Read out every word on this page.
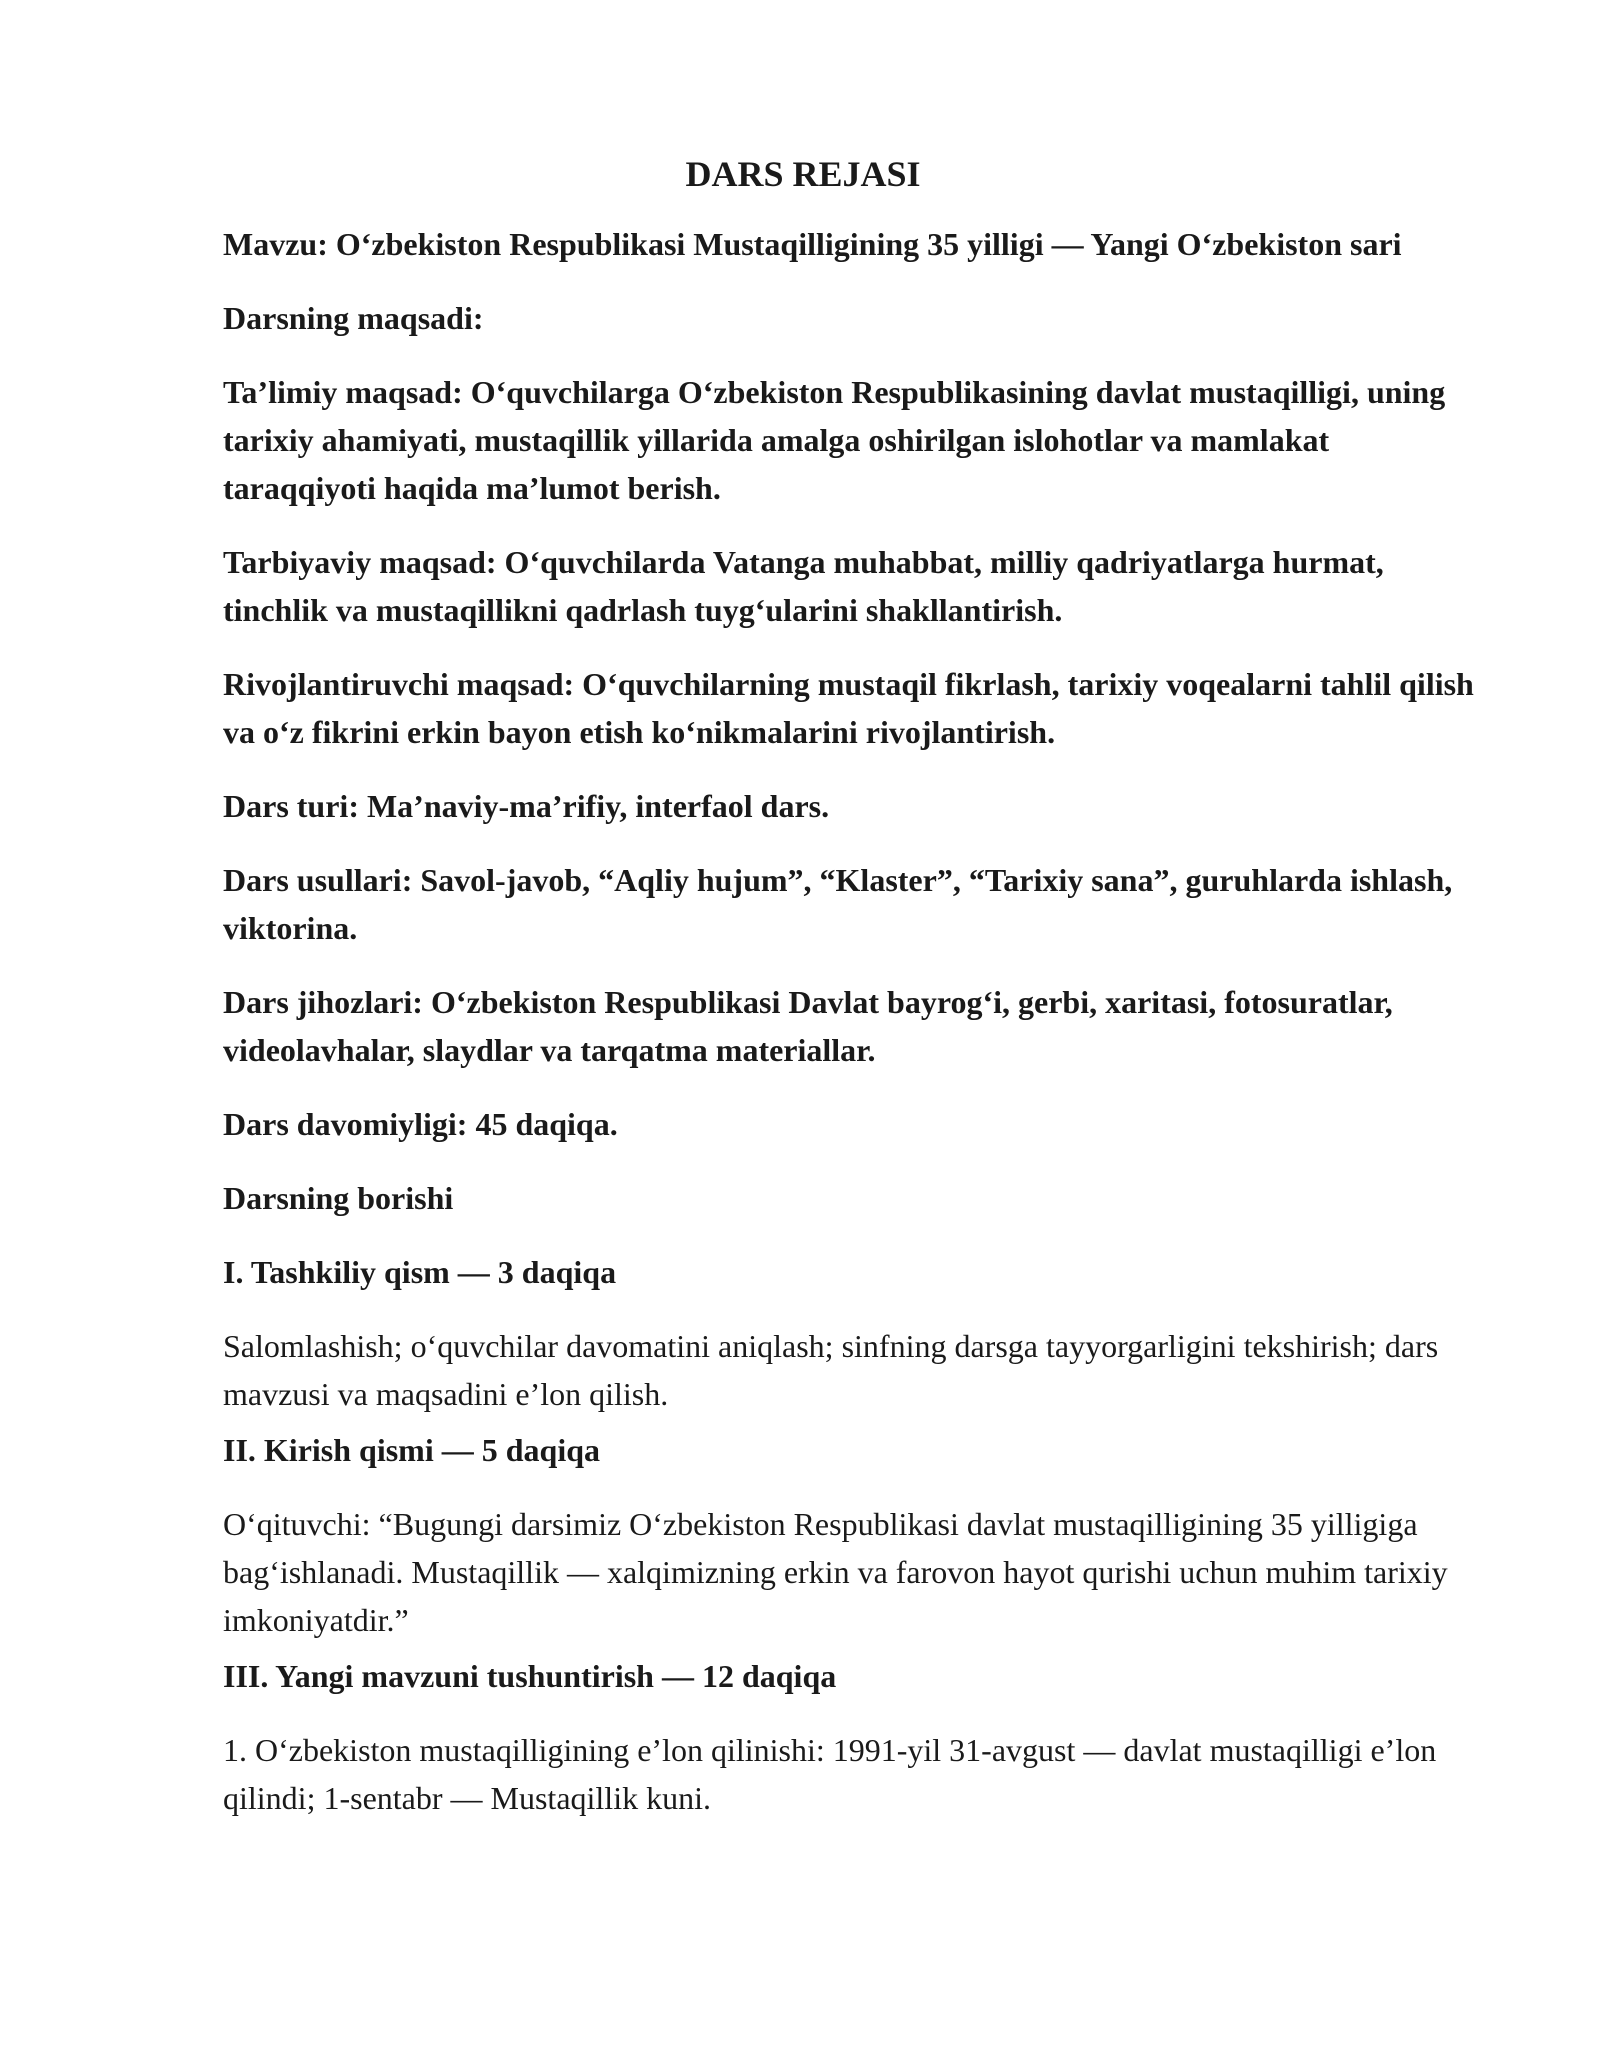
DARS REJASI

Mavzu: O‘zbekiston Respublikasi Mustaqilligining 35 yilligi — Yangi O‘zbekiston sari

Darsning maqsadi:

Ta’limiy maqsad: O‘quvchilarga O‘zbekiston Respublikasining davlat mustaqilligi, uning tarixiy ahamiyati, mustaqillik yillarida amalga oshirilgan islohotlar va mamlakat taraqqiyoti haqida ma’lumot berish.

Tarbiyaviy maqsad: O‘quvchilarda Vatanga muhabbat, milliy qadriyatlarga hurmat, tinchlik va mustaqillikni qadrlash tuyg‘ularini shakllantirish.

Rivojlantiruvchi maqsad: O‘quvchilarning mustaqil fikrlash, tarixiy voqealarni tahlil qilish va o‘z fikrini erkin bayon etish ko‘nikmalarini rivojlantirish.

Dars turi: Ma’naviy-ma’rifiy, interfaol dars.

Dars usullari: Savol-javob, “Aqliy hujum”, “Klaster”, “Tarixiy sana”, guruhlarda ishlash, viktorina.

Dars jihozlari: O‘zbekiston Respublikasi Davlat bayrog‘i, gerbi, xaritasi, fotosuratlar, videolavhalar, slaydlar va tarqatma materiallar.

Dars davomiyligi: 45 daqiqa.

Darsning borishi

I. Tashkiliy qism — 3 daqiqa

Salomlashish; o‘quvchilar davomatini aniqlash; sinfning darsga tayyorgarligini tekshirish; dars mavzusi va maqsadini e’lon qilish.

II. Kirish qismi — 5 daqiqa

O‘qituvchi: “Bugungi darsimiz O‘zbekiston Respublikasi davlat mustaqilligining 35 yilligiga bag‘ishlanadi. Mustaqillik — xalqimizning erkin va farovon hayot qurishi uchun muhim tarixiy imkoniyatdir.”

III. Yangi mavzuni tushuntirish — 12 daqiqa

1. O‘zbekiston mustaqilligining e’lon qilinishi: 1991-yil 31-avgust — davlat mustaqilligi e’lon qilindi; 1-sentabr — Mustaqillik kuni.
